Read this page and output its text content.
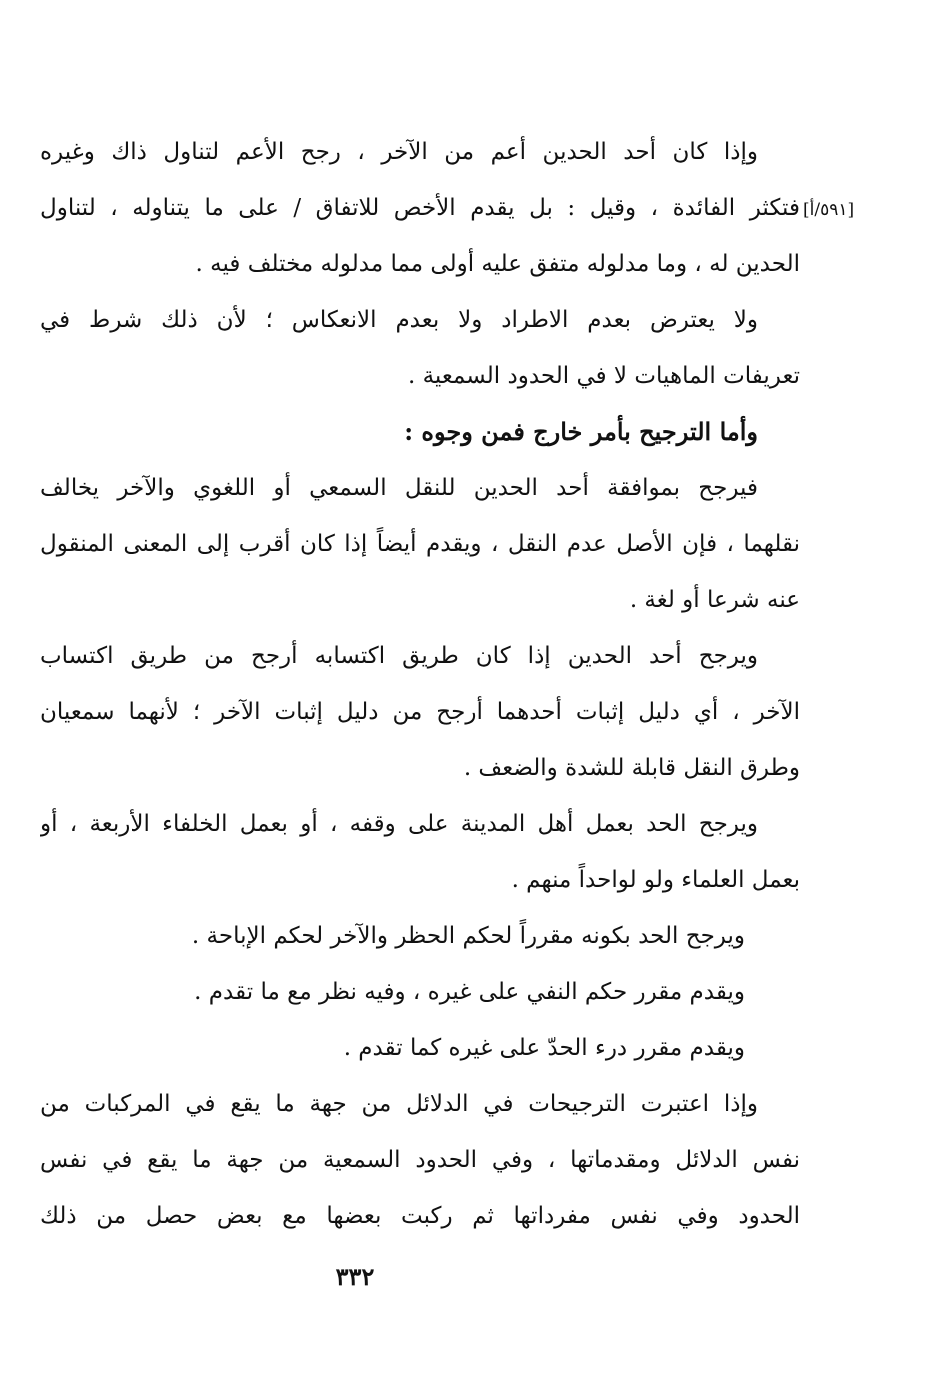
[٥٩١/أ]
وإذا كان أحد الحدين أعم من الآخر ، رجح الأعم لتناول ذاك وغيره
فتكثر الفائدة ، وقيل : بل يقدم الأخص للاتفاق / على ما يتناوله ، لتناول
الحدين له ، وما مدلوله متفق عليه أولى مما مدلوله مختلف فيه .
ولا يعترض بعدم الاطراد ولا بعدم الانعكاس ؛ لأن ذلك شرط في
تعريفات الماهيات لا في الحدود السمعية .
وأما الترجيح بأمر خارج فمن وجوه :
فيرجح بموافقة أحد الحدين للنقل السمعي أو اللغوي والآخر يخالف
نقلهما ، فإن الأصل عدم النقل ، ويقدم أيضاً إذا كان أقرب إلى المعنى المنقول
عنه شرعا أو لغة .
ويرجح أحد الحدين إذا كان طريق اكتسابه أرجح من طريق اكتساب
الآخر ، أي دليل إثبات أحدهما أرجح من دليل إثبات الآخر ؛ لأنهما سمعيان
وطرق النقل قابلة للشدة والضعف .
ويرجح الحد بعمل أهل المدينة على وقفه ، أو بعمل الخلفاء الأربعة ، أو
بعمل العلماء ولو لواحداً منهم .
ويرجح الحد بكونه مقرراً لحكم الحظر والآخر لحكم الإباحة .
ويقدم مقرر حكم النفي على غيره ، وفيه نظر مع ما تقدم .
ويقدم مقرر درء الحدّ على غيره كما تقدم .
وإذا اعتبرت الترجيحات في الدلائل من جهة ما يقع في المركبات من
نفس الدلائل ومقدماتها ، وفي الحدود السمعية من جهة ما يقع في نفس
الحدود وفي نفس مفرداتها ثم ركبت بعضها مع بعض حصل من ذلك
٣٣٢
